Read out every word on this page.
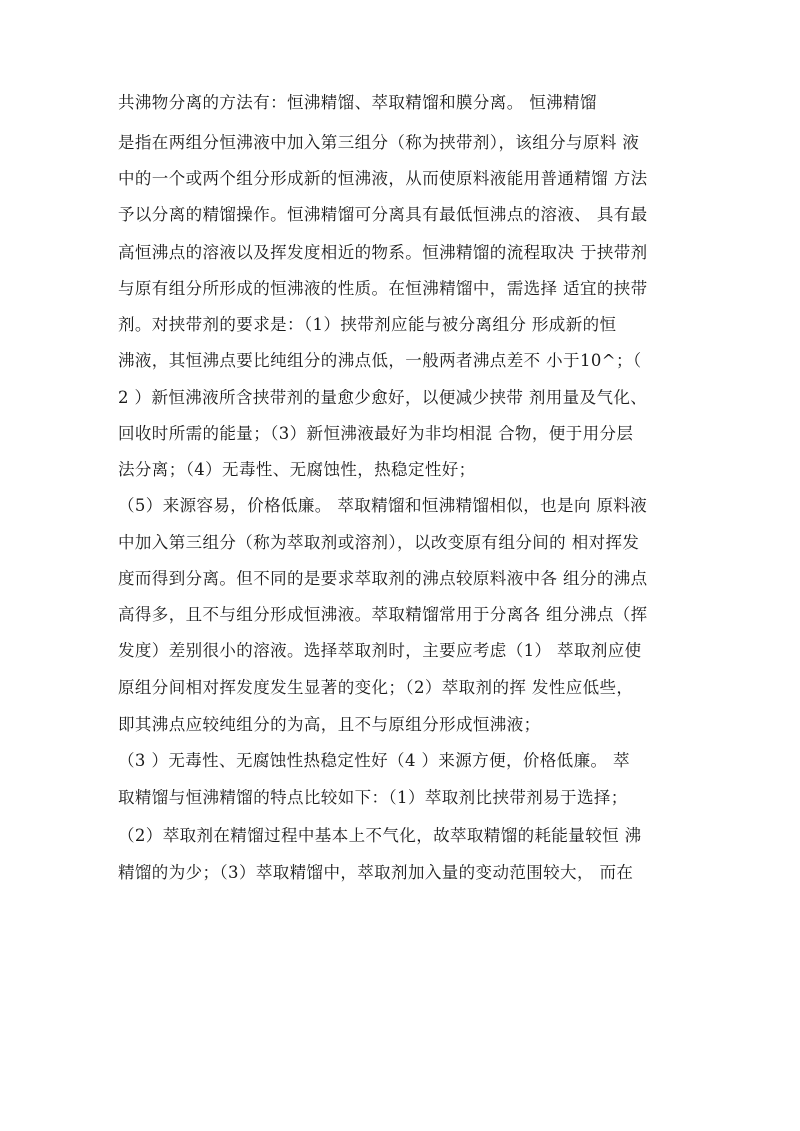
共沸物分离的方法有：恒沸精馏、萃取精馏和膜分离。 恒沸精馏
是指在两组分恒沸液中加入第三组分（称为挟带剂），该组分与原料 液
中的一个或两个组分形成新的恒沸液，从而使原料液能用普通精馏 方法
予以分离的精馏操作。恒沸精馏可分离具有最低恒沸点的溶液、 具有最
高恒沸点的溶液以及挥发度相近的物系。恒沸精馏的流程取决 于挟带剂
与原有组分所形成的恒沸液的性质。在恒沸精馏中，需选择 适宜的挟带
剂。对挟带剂的要求是：（1）挟带剂应能与被分离组分 形成新的恒
沸液，其恒沸点要比纯组分的沸点低，一般两者沸点差不 小于10^；（
2 ）新恒沸液所含挟带剂的量愈少愈好，以便减少挟带 剂用量及气化、
回收时所需的能量；（3）新恒沸液最好为非均相混 合物，便于用分层
法分离；（4）无毒性、无腐蚀性，热稳定性好；
（5）来源容易，价格低廉。 萃取精馏和恒沸精馏相似，也是向 原料液
中加入第三组分（称为萃取剂或溶剂），以改变原有组分间的 相对挥发
度而得到分离。但不同的是要求萃取剂的沸点较原料液中各 组分的沸点
高得多，且不与组分形成恒沸液。萃取精馏常用于分离各 组分沸点（挥
发度）差别很小的溶液。选择萃取剂时，主要应考虑（1） 萃取剂应使
原组分间相对挥发度发生显著的变化；（2）萃取剂的挥 发性应低些，
即其沸点应较纯组分的为高，且不与原组分形成恒沸液；
（3 ）无毒性、无腐蚀性热稳定性好（4 ）来源方便，价格低廉。 萃
取精馏与恒沸精馏的特点比较如下：（1）萃取剂比挟带剂易于选择；
（2）萃取剂在精馏过程中基本上不气化，故萃取精馏的耗能量较恒 沸
精馏的为少；（3）萃取精馏中，萃取剂加入量的变动范围较大， 而在
